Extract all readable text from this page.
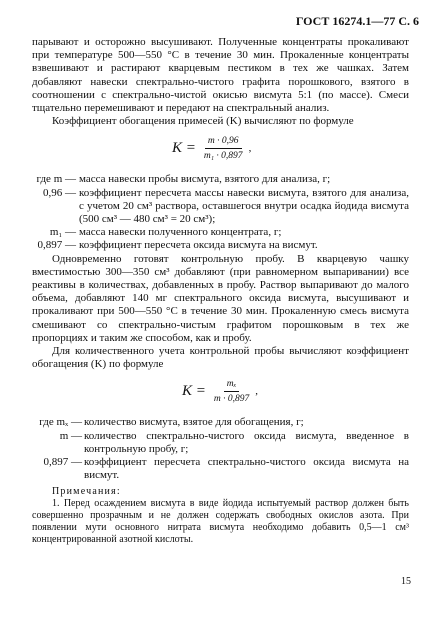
ГОСТ 16274.1—77 С. 6

парывают и осторожно высушивают. Полученные концентраты прокаливают при температуре 500—550 °С в течение 30 мин. Прокаленные концентраты взвешивают и растирают кварцевым пестиком в тех же чашках. Затем добавляют навески спектрально-чистого графита порошкового, взятого в соотношении с спектрально-чистой окисью висмута 5:1 (по массе). Смеси тщательно перемешивают и передают на спектральный анализ.

Коэффициент обогащения примесей (K) вычисляют по формуле

$K = \frac{m \cdot 0,96}{\text{m₁ · 0,897}}$ ,
где m — масса навески пробы висмута, взятого для анализа, г;
0,96 — коэффициент пересчета массы навески висмута, взятого для анализа, с учетом 20 см³ раствора, оставшегося внутри осадка йодида висмута (500 см³ — 480 см³ = 20 см³);
m₁ — масса навески полученного концентрата, г;
0,897 — коэффициент пересчета оксида висмута на висмут.

Одновременно готовят контрольную пробу. В кварцевую чашку вместимостью 300—350 см³ добавляют (при равномерном выпаривании) все реактивы в количествах, добавленных в пробу. Раствор выпаривают до малого объема, добавляют 140 мг спектрального оксида висмута, высушивают и прокаливают при 500—550 °С в течение 30 мин. Прокаленную смесь висмута смешивают со спектрально-чистым графитом порошковым в тех же пропорциях и таким же способом, как и пробу.

Для количественного учета контрольной пробы вычисляют коэффициент обогащения (K) по формуле

$K = \frac{\text{mₓ}}{m \cdot 0,897}$ ,
где mₓ — количество висмута, взятое для обогащения, г;
m — количество спектрально-чистого оксида висмута, введенное в контрольную пробу, г;
0,897 — коэффициент пересчета спектрально-чистого оксида висмута на висмут.

Примечания:

1. Перед осаждением висмута в виде йодида испытуемый раствор должен быть совершенно прозрачным и не должен содержать свободных окислов азота. При появлении мути основного нитрата висмута необходимо добавить 0,5—1 см³ концентрированной азотной кислоты.

15
